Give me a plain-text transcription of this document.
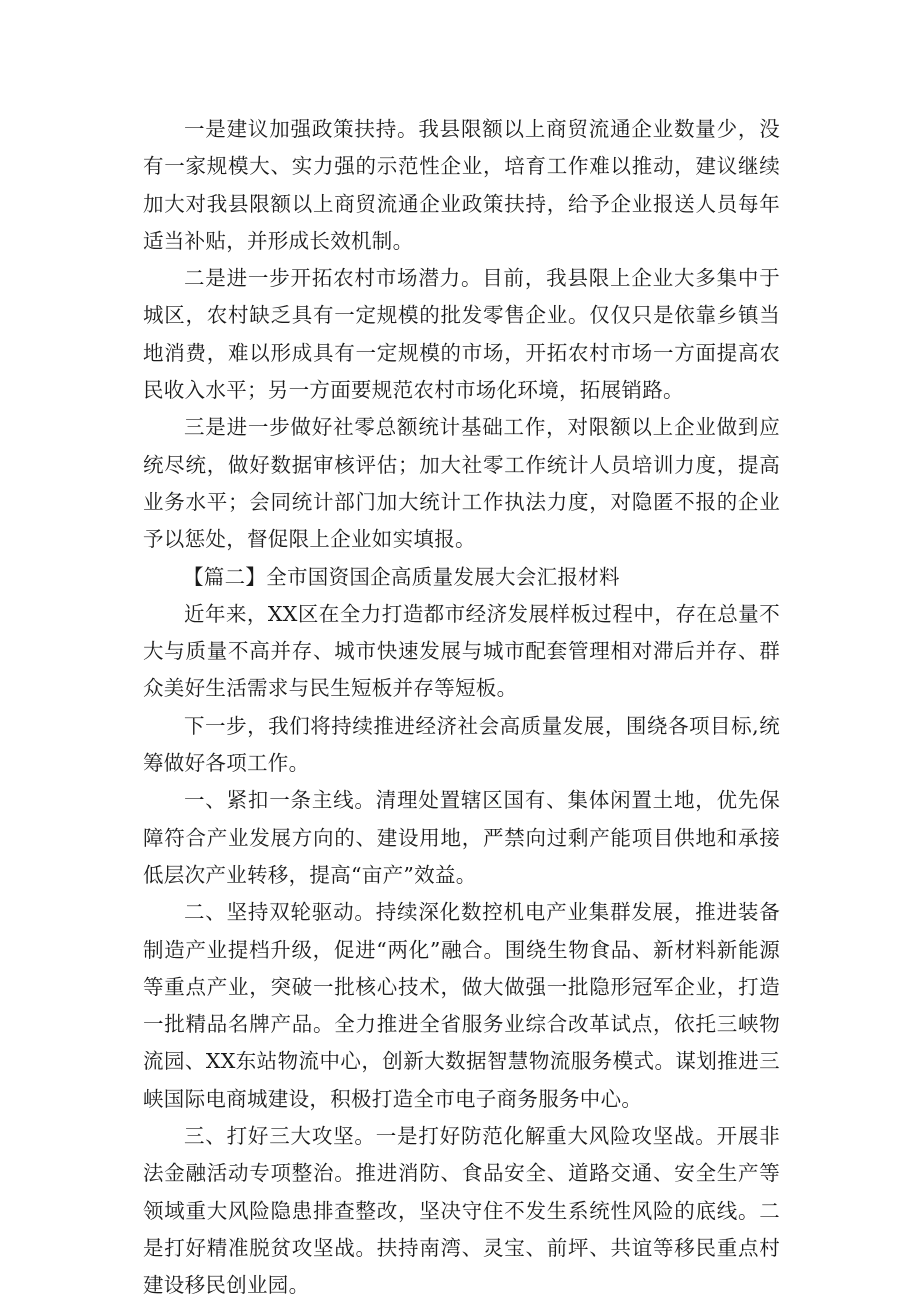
一是建议加强政策扶持。我县限额以上商贸流通企业数量少，没有一家规模大、实力强的示范性企业，培育工作难以推动，建议继续加大对我县限额以上商贸流通企业政策扶持，给予企业报送人员每年适当补贴，并形成长效机制。

二是进一步开拓农村市场潜力。目前，我县限上企业大多集中于城区，农村缺乏具有一定规模的批发零售企业。仅仅只是依靠乡镇当地消费，难以形成具有一定规模的市场，开拓农村市场一方面提高农民收入水平；另一方面要规范农村市场化环境，拓展销路。

三是进一步做好社零总额统计基础工作，对限额以上企业做到应统尽统，做好数据审核评估；加大社零工作统计人员培训力度，提高业务水平；会同统计部门加大统计工作执法力度，对隐匿不报的企业予以惩处，督促限上企业如实填报。

【篇二】全市国资国企高质量发展大会汇报材料

近年来，XX区在全力打造都市经济发展样板过程中，存在总量不大与质量不高并存、城市快速发展与城市配套管理相对滞后并存、群众美好生活需求与民生短板并存等短板。

下一步，我们将持续推进经济社会高质量发展，围绕各项目标,统筹做好各项工作。

一、紧扣一条主线。清理处置辖区国有、集体闲置土地，优先保障符合产业发展方向的、建设用地，严禁向过剩产能项目供地和承接低层次产业转移，提高“亩产”效益。

二、坚持双轮驱动。持续深化数控机电产业集群发展，推进装备制造产业提档升级，促进“两化”融合。围绕生物食品、新材料新能源等重点产业，突破一批核心技术，做大做强一批隐形冠军企业，打造一批精品名牌产品。全力推进全省服务业综合改革试点，依托三峡物流园、XX东站物流中心，创新大数据智慧物流服务模式。谋划推进三峡国际电商城建设，积极打造全市电子商务服务中心。

三、打好三大攻坚。一是打好防范化解重大风险攻坚战。开展非法金融活动专项整治。推进消防、食品安全、道路交通、安全生产等领域重大风险隐患排查整改，坚决守住不发生系统性风险的底线。二是打好精准脱贫攻坚战。扶持南湾、灵宝、前坪、共谊等移民重点村建设移民创业园。
